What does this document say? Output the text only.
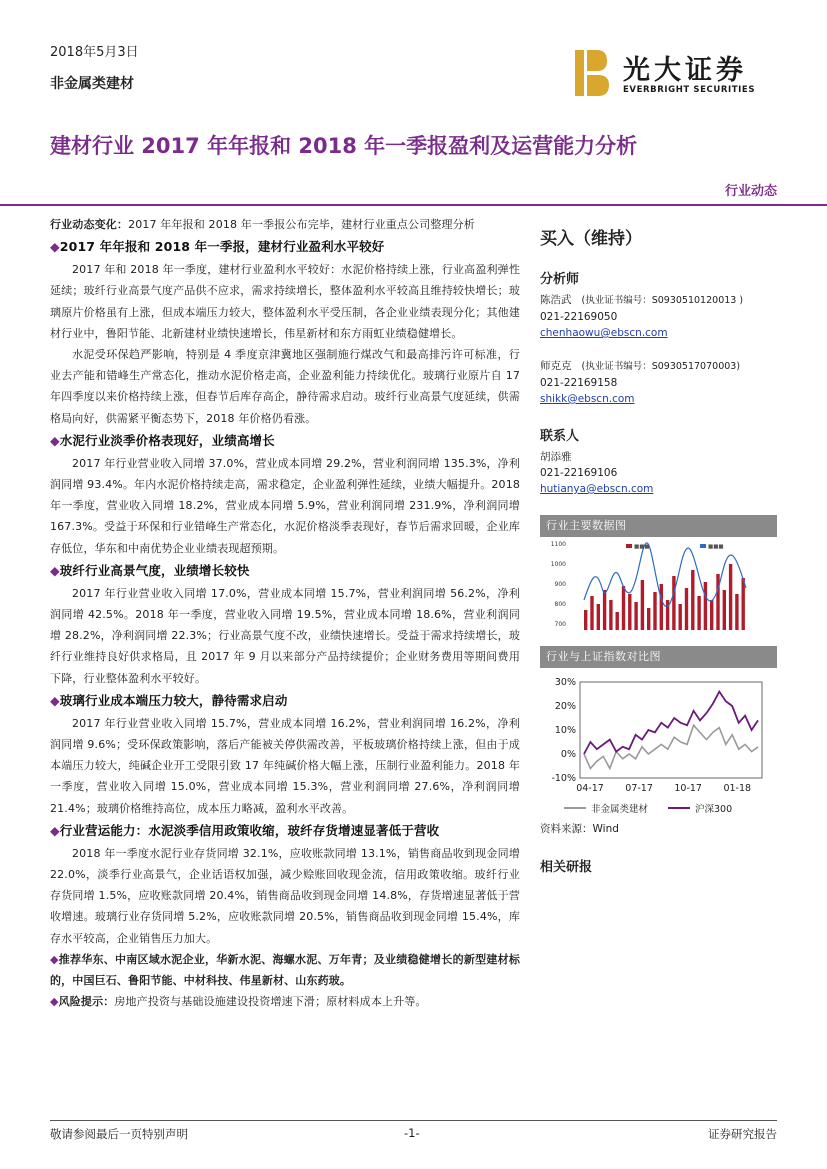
2018年5月3日
非金属类建材	光大证券
EVERBRIGHT SECURITIES
建材行业 2017 年年报和 2018 年一季报盈利及运营能力分析
行业动态

行业动态变化：2017 年年报和 2018 年一季报公布完毕，建材行业重点公司整理分析

◆2017 年年报和 2018 年一季报，建材行业盈利水平较好

2017 年和 2018 年一季度，建材行业盈利水平较好：水泥价格持续上涨，行业高盈利弹性延续；玻纤行业高景气度产品供不应求，需求持续增长，整体盈利水平较高且维持较快增长；玻璃原片价格虽有上涨，但成本端压力较大，整体盈利水平受压制，各企业业绩表现分化；其他建材行业中，鲁阳节能、北新建材业绩快速增长，伟星新材和东方雨虹业绩稳健增长。

水泥受环保趋严影响，特别是 4 季度京津冀地区强制施行煤改气和最高排污许可标准，行业去产能和错峰生产常态化，推动水泥价格走高，企业盈利能力持续优化。玻璃行业原片自 17 年四季度以来价格持续上涨，但春节后库存高企，静待需求启动。玻纤行业高景气度延续，供需格局向好，供需紧平衡态势下，2018 年价格仍看涨。

◆水泥行业淡季价格表现好，业绩高增长

2017 年行业营业收入同增 37.0%，营业成本同增 29.2%，营业利润同增 135.3%，净利润同增 93.4%。年内水泥价格持续走高，需求稳定，企业盈利弹性延续，业绩大幅提升。2018 年一季度，营业收入同增 18.2%，营业成本同增 5.9%，营业利润同增 231.9%，净利润同增 167.3%。受益于环保和行业错峰生产常态化，水泥价格淡季表现好，春节后需求回暖，企业库存低位，华东和中南优势企业业绩表现超预期。

◆玻纤行业高景气度，业绩增长较快

2017 年行业营业收入同增 17.0%，营业成本同增 15.7%，营业利润同增 56.2%，净利润同增 42.5%。2018 年一季度，营业收入同增 19.5%，营业成本同增 18.6%，营业利润同增 28.2%，净利润同增 22.3%；行业高景气度不改，业绩快速增长。受益于需求持续增长，玻纤行业维持良好供求格局，且 2017 年 9 月以来部分产品持续提价；企业财务费用等期间费用下降，行业整体盈利水平较好。

◆玻璃行业成本端压力较大，静待需求启动

2017 年行业营业收入同增 15.7%，营业成本同增 16.2%，营业利润同增 16.2%，净利润同增 9.6%；受环保政策影响，落后产能被关停供需改善，平板玻璃价格持续上涨，但由于成本端压力较大，纯碱企业开工受限引致 17 年纯碱价格大幅上涨，压制行业盈利能力。2018 年一季度，营业收入同增 15.0%，营业成本同增 15.3%，营业利润同增 27.6%，净利润同增 21.4%；玻璃价格维持高位，成本压力略减，盈利水平改善。

◆行业营运能力：水泥淡季信用政策收缩，玻纤存货增速显著低于营收

2018 年一季度水泥行业存货同增 32.1%，应收账款同增 13.1%，销售商品收到现金同增 22.0%，淡季行业高景气，企业话语权加强，减少赊账回收现金流，信用政策收缩。玻纤行业存货同增 1.5%，应收账款同增 20.4%，销售商品收到现金同增 14.8%，存货增速显著低于营收增速。玻璃行业存货同增 5.2%，应收账款同增 20.5%，销售商品收到现金同增 15.4%，库存水平较高，企业销售压力加大。

◆推荐华东、中南区域水泥企业，华新水泥、海螺水泥、万年青；及业绩稳健增长的新型建材标的，中国巨石、鲁阳节能、中材科技、伟星新材、山东药玻。

◆风险提示：房地产投资与基础设施建设投资增速下滑；原材料成本上升等。

买入（维持）
分析师
陈浩武 (执业证书编号：S0930510120013 )
021-22169050
chenhaowu@ebscn.com
师克克 (执业证书编号：S0930517070003)
021-22169158
shikk@ebscn.com
联系人
胡添雅
021-22169106
hutianya@ebscn.com
行业主要数据图
1100
1000
900
800
700
■■■	■■■
行业与上证指数对比图
30%
20%
10%
0%
-10%
04-17 07-17 10-17 01-18
非金属类建材	沪深300
资料来源：Wind
相关研报
敬请参阅最后一页特别声明	-1-	证券研究报告
